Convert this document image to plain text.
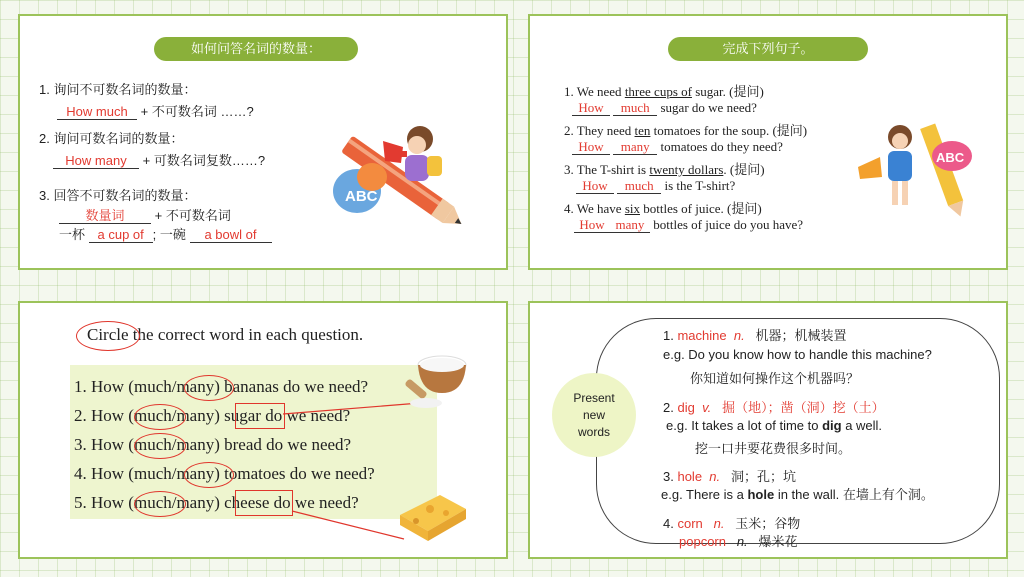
如何问答名词的数量：
1. 询问不可数名词的数量：
How much + 不可数名词 ……?
2. 询问可数名词的数量：
How many + 可数名词复数……?
3. 回答不可数名词的数量：
数量词 + 不可数名词
一杯 a cup of ; 一碗 a bowl of
ABC
完成下列句子。
1. We need three cups of sugar. (提问)
How much sugar do we need?
2. They need ten tomatoes for the soup. (提问)
How many tomatoes do they need?
3. The T-shirt is twenty dollars. (提问)
How much is the T-shirt?
4. We have six bottles of juice. (提问)
How many bottles of juice do you have?
ABC
Circle the correct word in each question.
1. How (much/many) bananas do we need?
2. How (much/many) sugar do we need?
3. How (much/many) bread do we need?
4. How (much/many) tomatoes do we need?
5. How (much/many) cheese do we need?
Present
new
words
1. machine n. 机器；机械装置
e.g. Do you know how to handle this machine?
你知道如何操作这个机器吗？
2. dig v. 掘（地）；凿（洞）挖（土）
e.g. It takes a lot of time to dig a well.
挖一口井要花费很多时间。
3. hole n. 洞；孔；坑
e.g. There is a hole in the wall. 在墙上有个洞。
4. corn n. 玉米；谷物
popcorn n. 爆米花
